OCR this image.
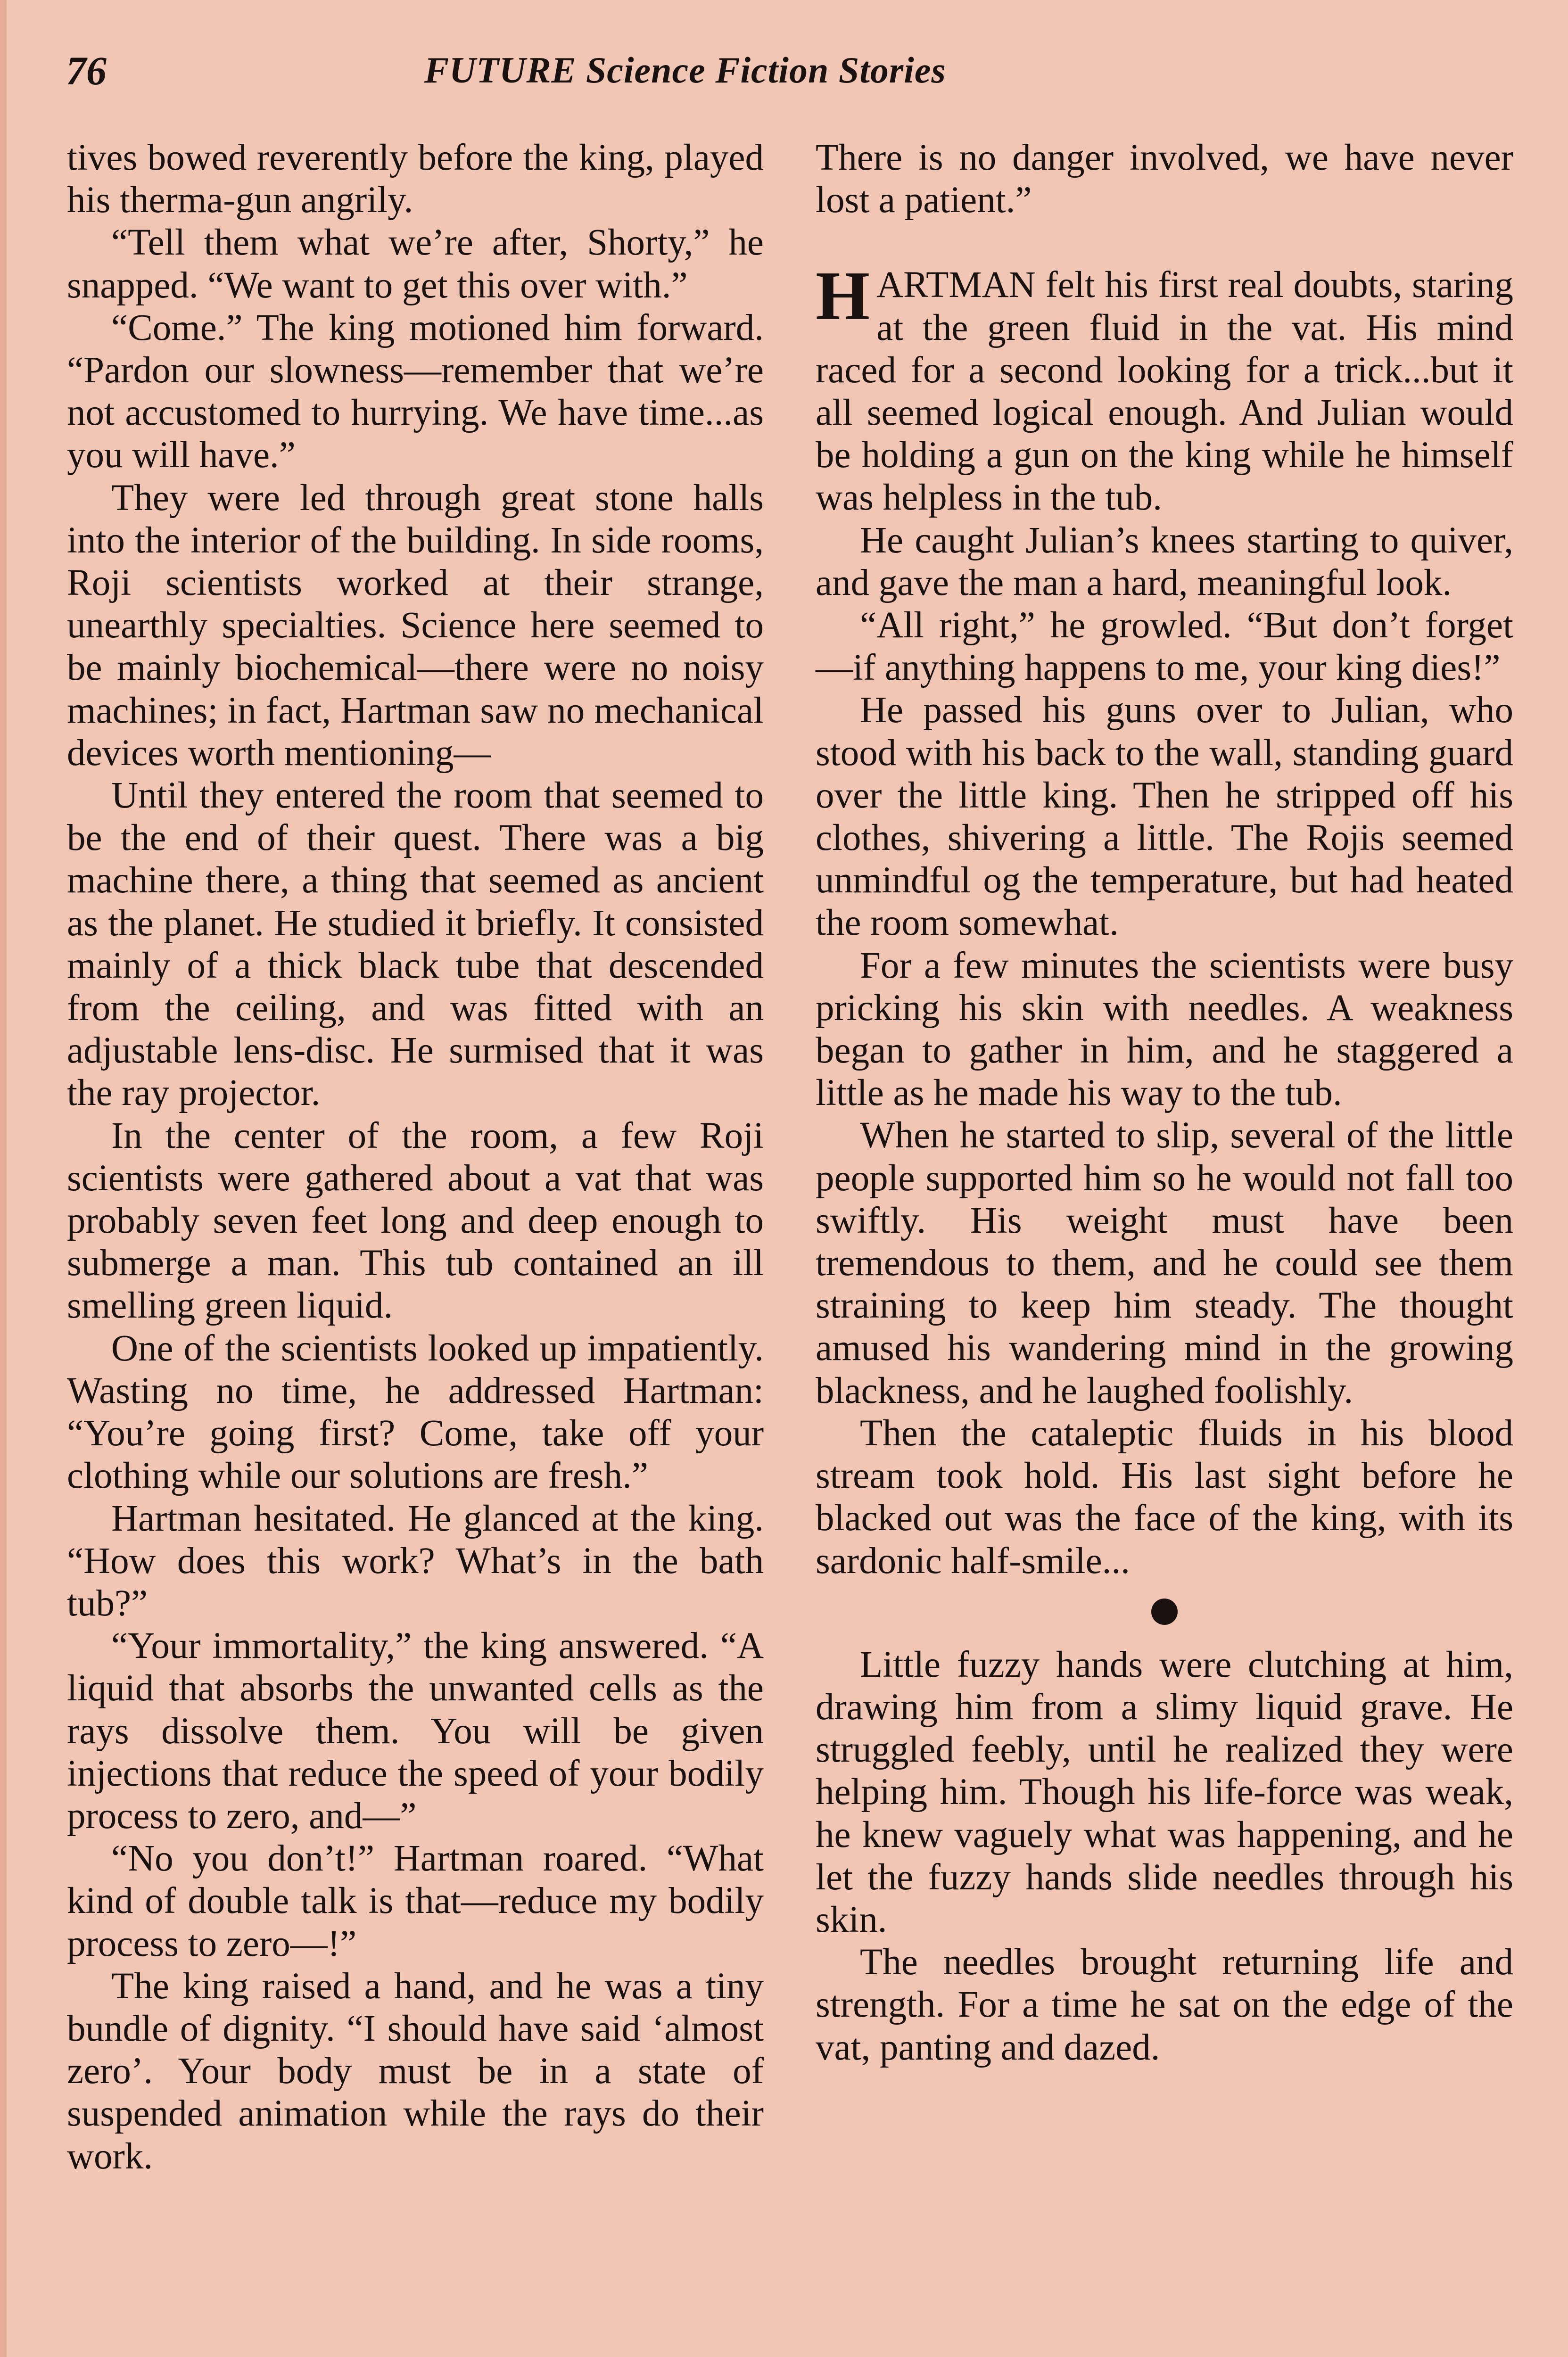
76	FUTURE Science Fiction Stories

tives bowed reverently before the king, played his therma-gun angrily.

“Tell them what we’re after, Shorty,” he snapped. “We want to get this over with.”

“Come.” The king motioned him forward. “Pardon our slowness—remember that we’re not accustomed to hurrying. We have time...as you will have.”

They were led through great stone halls into the interior of the building. In side rooms, Roji scientists worked at their strange, unearthly specialties. Science here seemed to be mainly biochemical—there were no noisy machines; in fact, Hartman saw no mechanical devices worth mentioning—

Until they entered the room that seemed to be the end of their quest. There was a big machine there, a thing that seemed as ancient as the planet. He studied it briefly. It consisted mainly of a thick black tube that descended from the ceiling, and was fitted with an adjustable lens-disc. He surmised that it was the ray projector.

In the center of the room, a few Roji scientists were gathered about a vat that was probably seven feet long and deep enough to submerge a man. This tub contained an ill smelling green liquid.

One of the scientists looked up impatiently. Wasting no time, he addressed Hartman: “You’re going first? Come, take off your clothing while our solutions are fresh.”

Hartman hesitated. He glanced at the king. “How does this work? What’s in the bath tub?”

“Your immortality,” the king answered. “A liquid that absorbs the unwanted cells as the rays dissolve them. You will be given injections that reduce the speed of your bodily process to zero, and—”

“No you don’t!” Hartman roared. “What kind of double talk is that—reduce my bodily process to zero—!”

The king raised a hand, and he was a tiny bundle of dignity. “I should have said ‘almost zero’. Your body must be in a state of suspended animation while the rays do their work.

There is no danger involved, we have never lost a patient.”

HARTMAN felt his first real doubts, staring at the green fluid in the vat. His mind raced for a second looking for a trick...but it all seemed logical enough. And Julian would be holding a gun on the king while he himself was helpless in the tub.

He caught Julian’s knees starting to quiver, and gave the man a hard, meaningful look.

“All right,” he growled. “But don’t forget—if anything happens to me, your king dies!”

He passed his guns over to Julian, who stood with his back to the wall, standing guard over the little king. Then he stripped off his clothes, shivering a little. The Rojis seemed unmindful og the temperature, but had heated the room somewhat.

For a few minutes the scientists were busy pricking his skin with needles. A weakness began to gather in him, and he staggered a little as he made his way to the tub.

When he started to slip, several of the little people supported him so he would not fall too swiftly. His weight must have been tremendous to them, and he could see them straining to keep him steady. The thought amused his wandering mind in the growing blackness, and he laughed foolishly.

Then the cataleptic fluids in his blood stream took hold. His last sight before he blacked out was the face of the king, with its sardonic half-smile...

Little fuzzy hands were clutching at him, drawing him from a slimy liquid grave. He struggled feebly, until he realized they were helping him. Though his life-force was weak, he knew vaguely what was happening, and he let the fuzzy hands slide needles through his skin.

The needles brought returning life and strength. For a time he sat on the edge of the vat, panting and dazed.
